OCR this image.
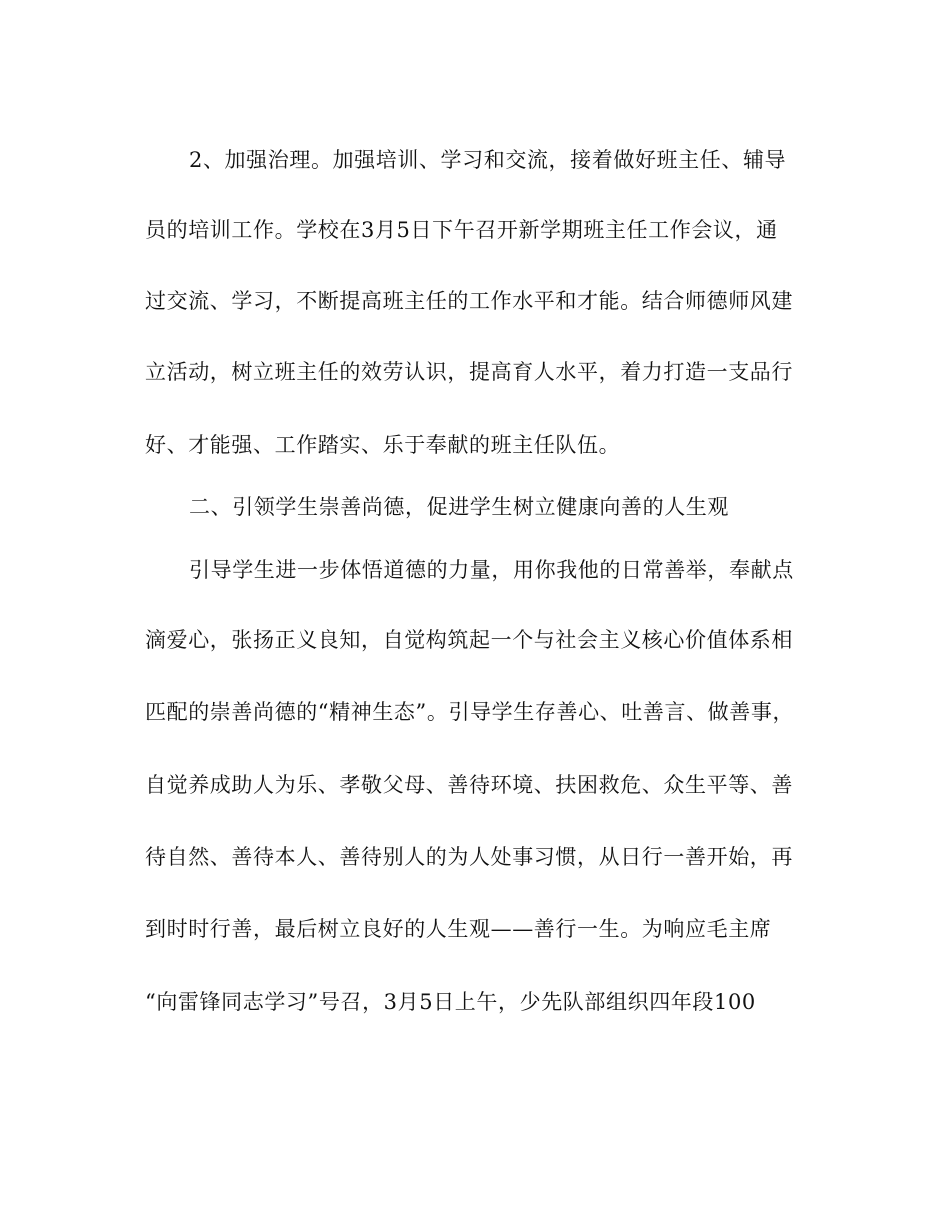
2、加强治理。加强培训、学习和交流，接着做好班主任、辅导
员的培训工作。学校在3月5日下午召开新学期班主任工作会议，通
过交流、学习，不断提高班主任的工作水平和才能。结合师德师风建
立活动，树立班主任的效劳认识，提高育人水平，着力打造一支品行
好、才能强、工作踏实、乐于奉献的班主任队伍。
二、引领学生崇善尚德，促进学生树立健康向善的人生观
引导学生进一步体悟道德的力量，用你我他的日常善举，奉献点
滴爱心，张扬正义良知，自觉构筑起一个与社会主义核心价值体系相
匹配的崇善尚德的“精神生态”。引导学生存善心、吐善言、做善事，
自觉养成助人为乐、孝敬父母、善待环境、扶困救危、众生平等、善
待自然、善待本人、善待别人的为人处事习惯，从日行一善开始，再
到时时行善，最后树立良好的人生观——善行一生。为响应毛主席
“向雷锋同志学习”号召，3月5日上午，少先队部组织四年段100
